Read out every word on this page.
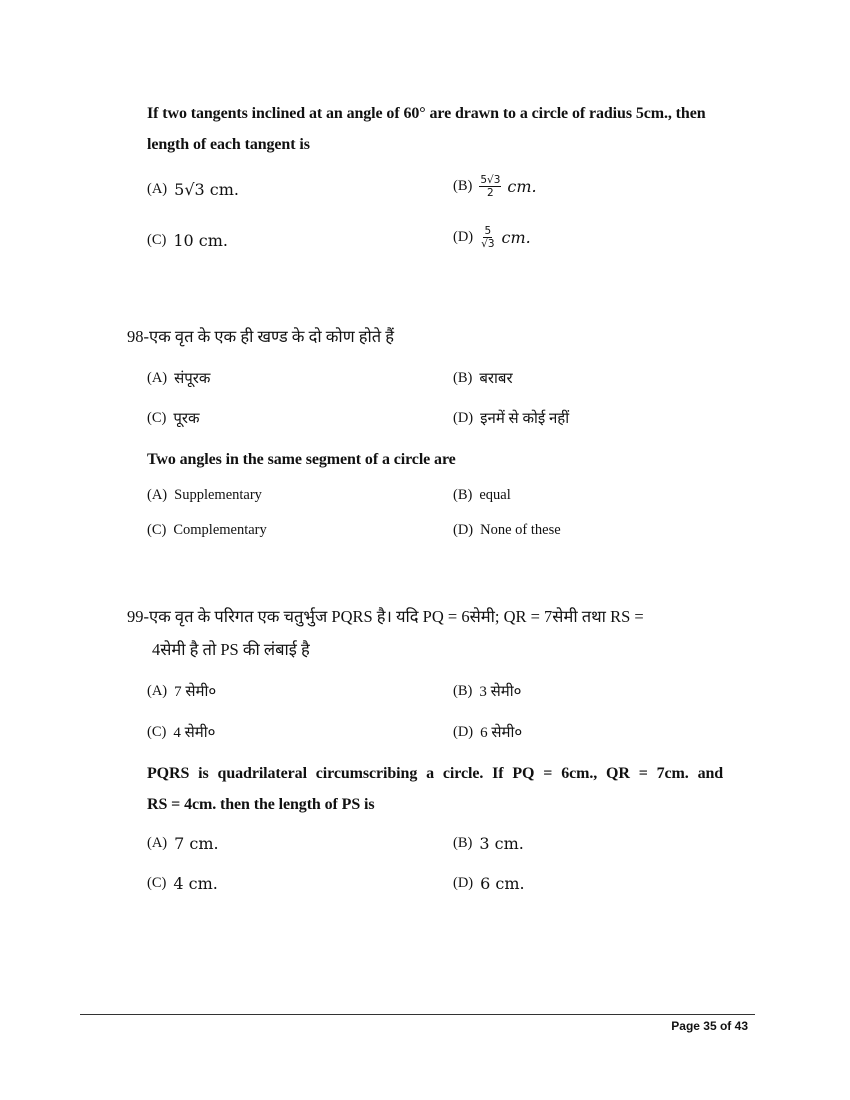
If two tangents inclined at an angle of 60° are drawn to a circle of radius 5cm., then
length of each tangent is
(A) 5√3 cm.	$(B) \frac{5√3}{2}$ cm.
(C) 10 cm.	$(D) \frac{5}{√3}$ cm.
98-एक वृत के एक ही खण्ड के दो कोण होते हैं
(A) संपूरक	(B) बराबर
(C) पूरक	(D) इनमें से कोई नहीं
Two angles in the same segment of a circle are
(A) Supplementary	(B) equal
(C) Complementary	(D) None of these
99-एक वृत के परिगत एक चतुर्भुज PQRS है। यदि PQ = 6सेमी; QR = 7सेमी तथा RS =
4सेमी है तो PS की लंबाई है
(A) 7 सेमी०	(B) 3 सेमी०
(C) 4 सेमी०	(D) 6 सेमी०
PQRS is quadrilateral circumscribing a circle. If PQ = 6cm., QR = 7cm. and
RS = 4cm. then the length of PS is
(A) 7 cm.	(B) 3 cm.
(C) 4 cm.	(D) 6 cm.
Page 35 of 43
